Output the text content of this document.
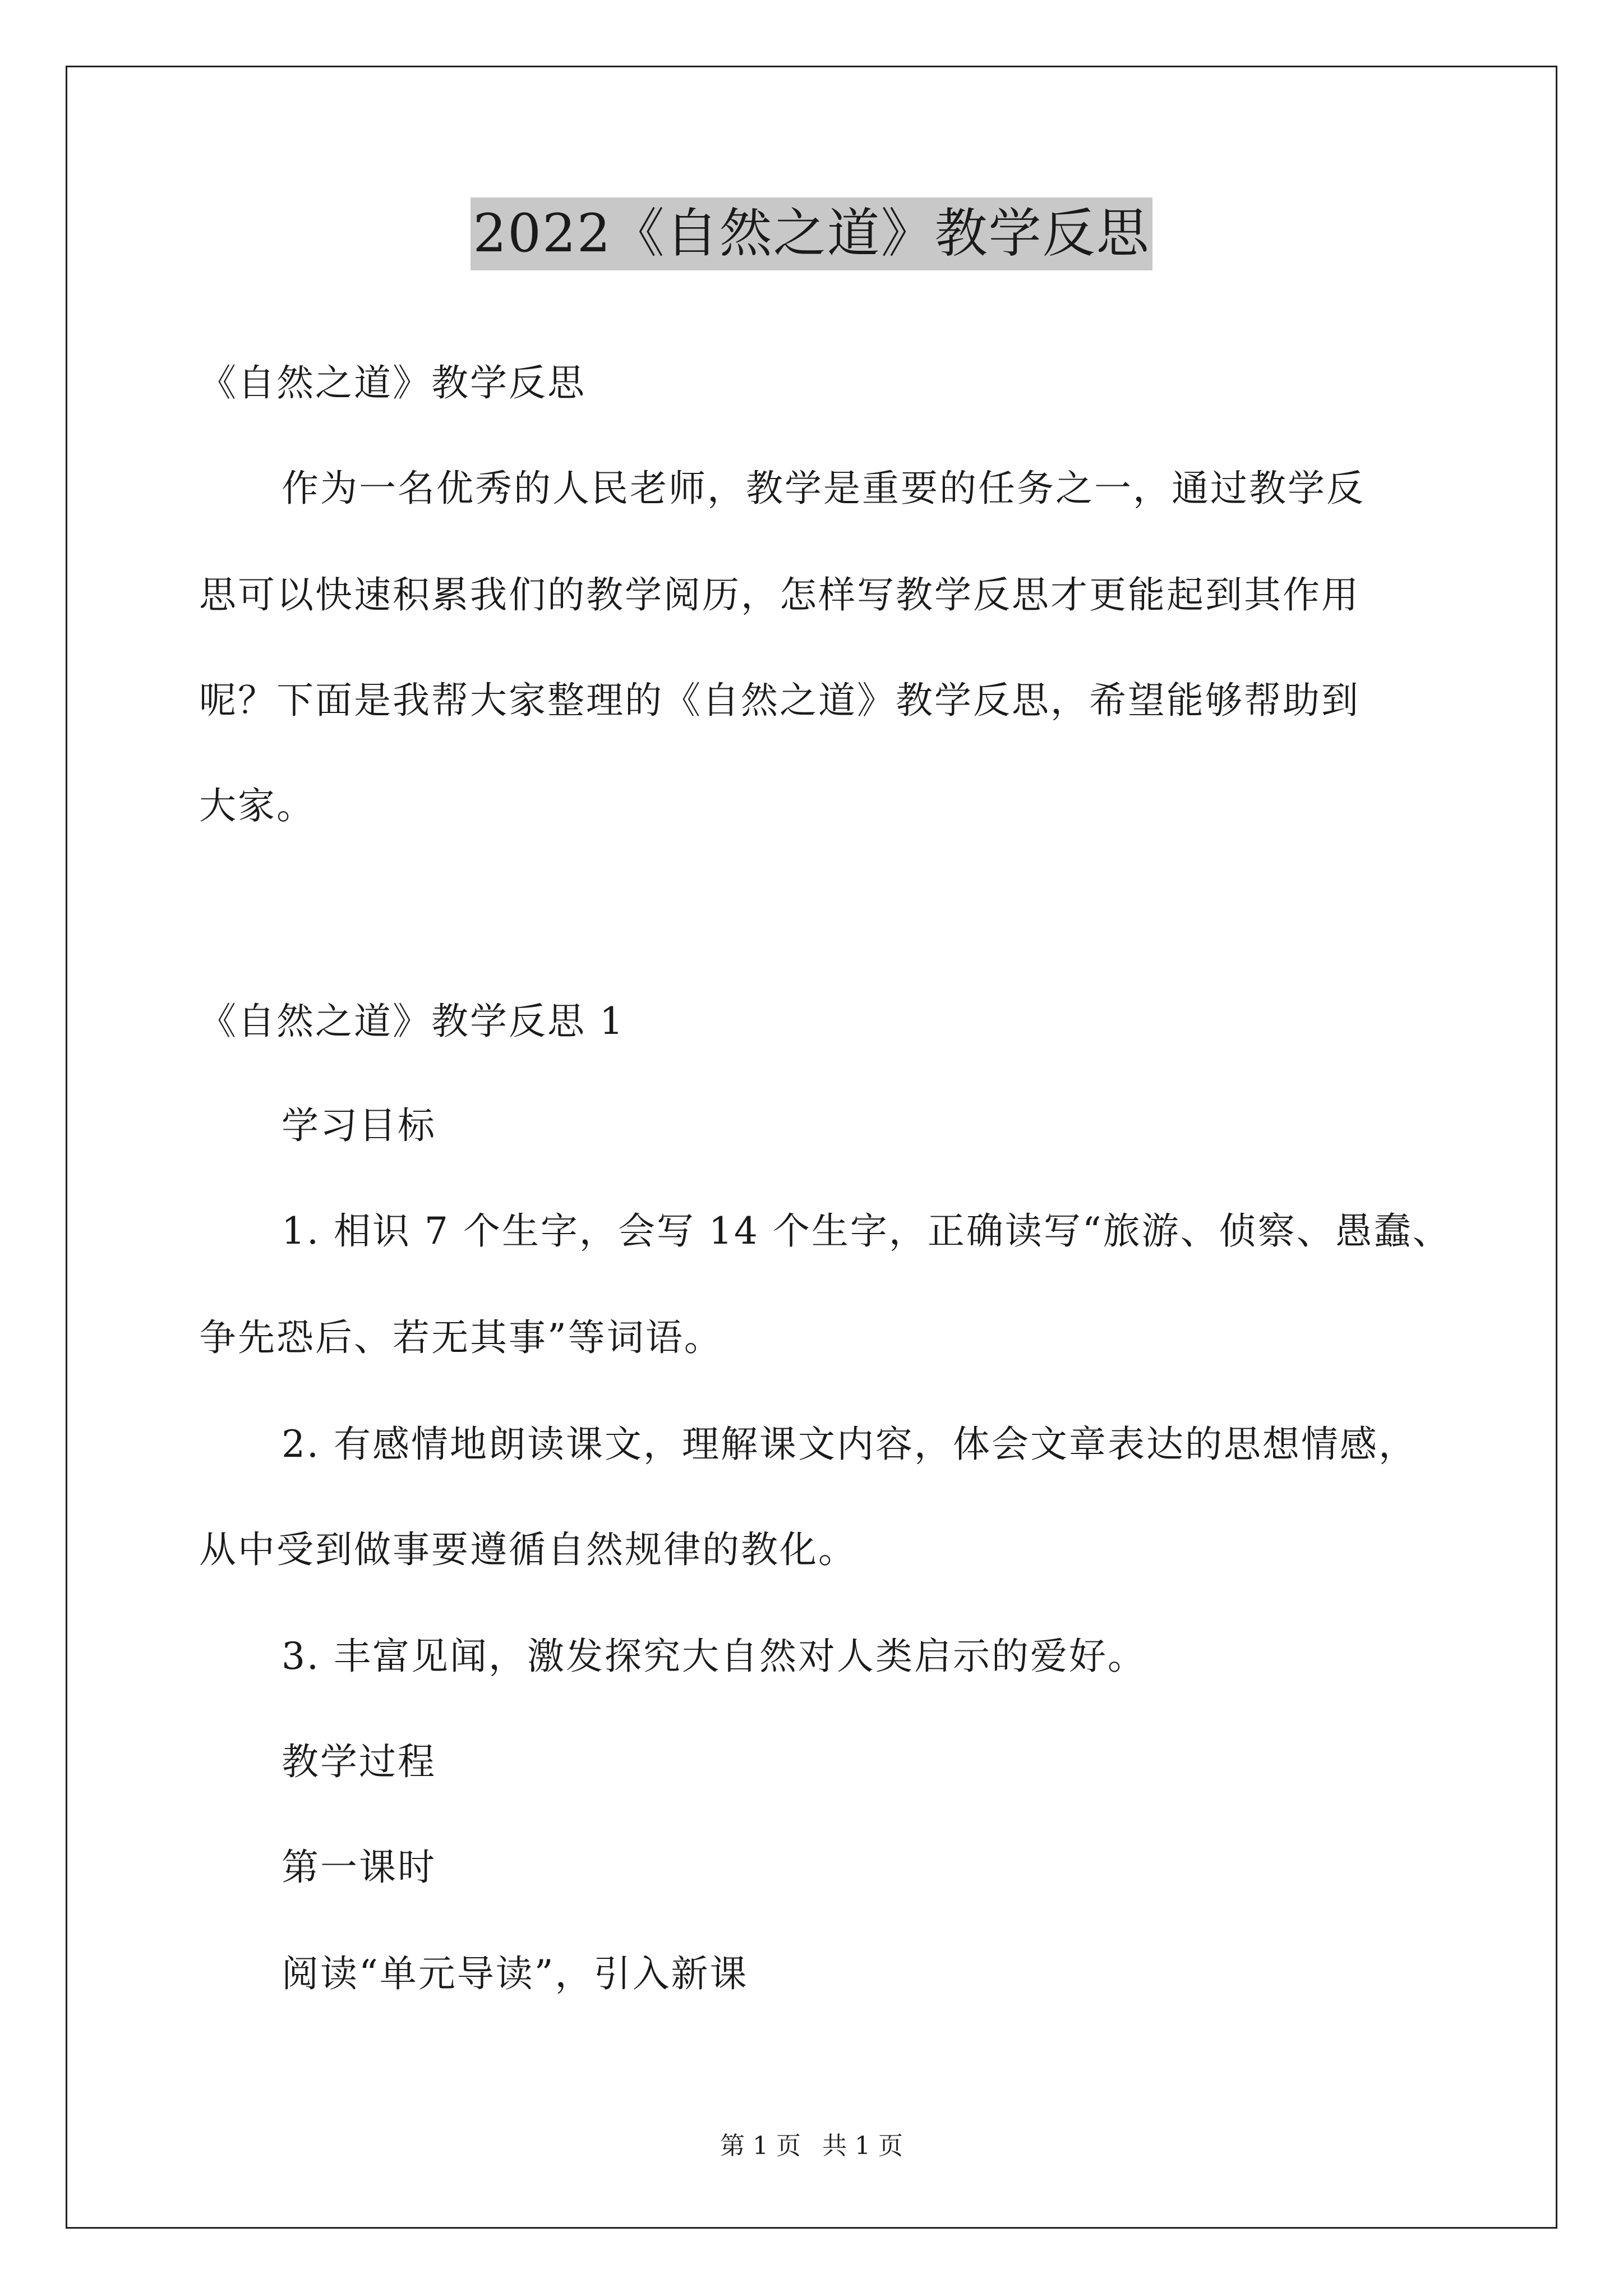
2022《自然之道》教学反思
《自然之道》教学反思
作为一名优秀的人民老师，教学是重要的任务之一，通过教学反
思可以快速积累我们的教学阅历，怎样写教学反思才更能起到其作用
呢？下面是我帮大家整理的《自然之道》教学反思，希望能够帮助到
大家。
《自然之道》教学反思 1
学习目标
1. 相识 7 个生字，会写 14 个生字，正确读写“旅游、侦察、愚蠢、
争先恐后、若无其事”等词语。
2. 有感情地朗读课文，理解课文内容，体会文章表达的思想情感，
从中受到做事要遵循自然规律的教化。
3. 丰富见闻，激发探究大自然对人类启示的爱好。
教学过程
第一课时
阅读“单元导读”，引入新课
第 1 页 共 1 页
